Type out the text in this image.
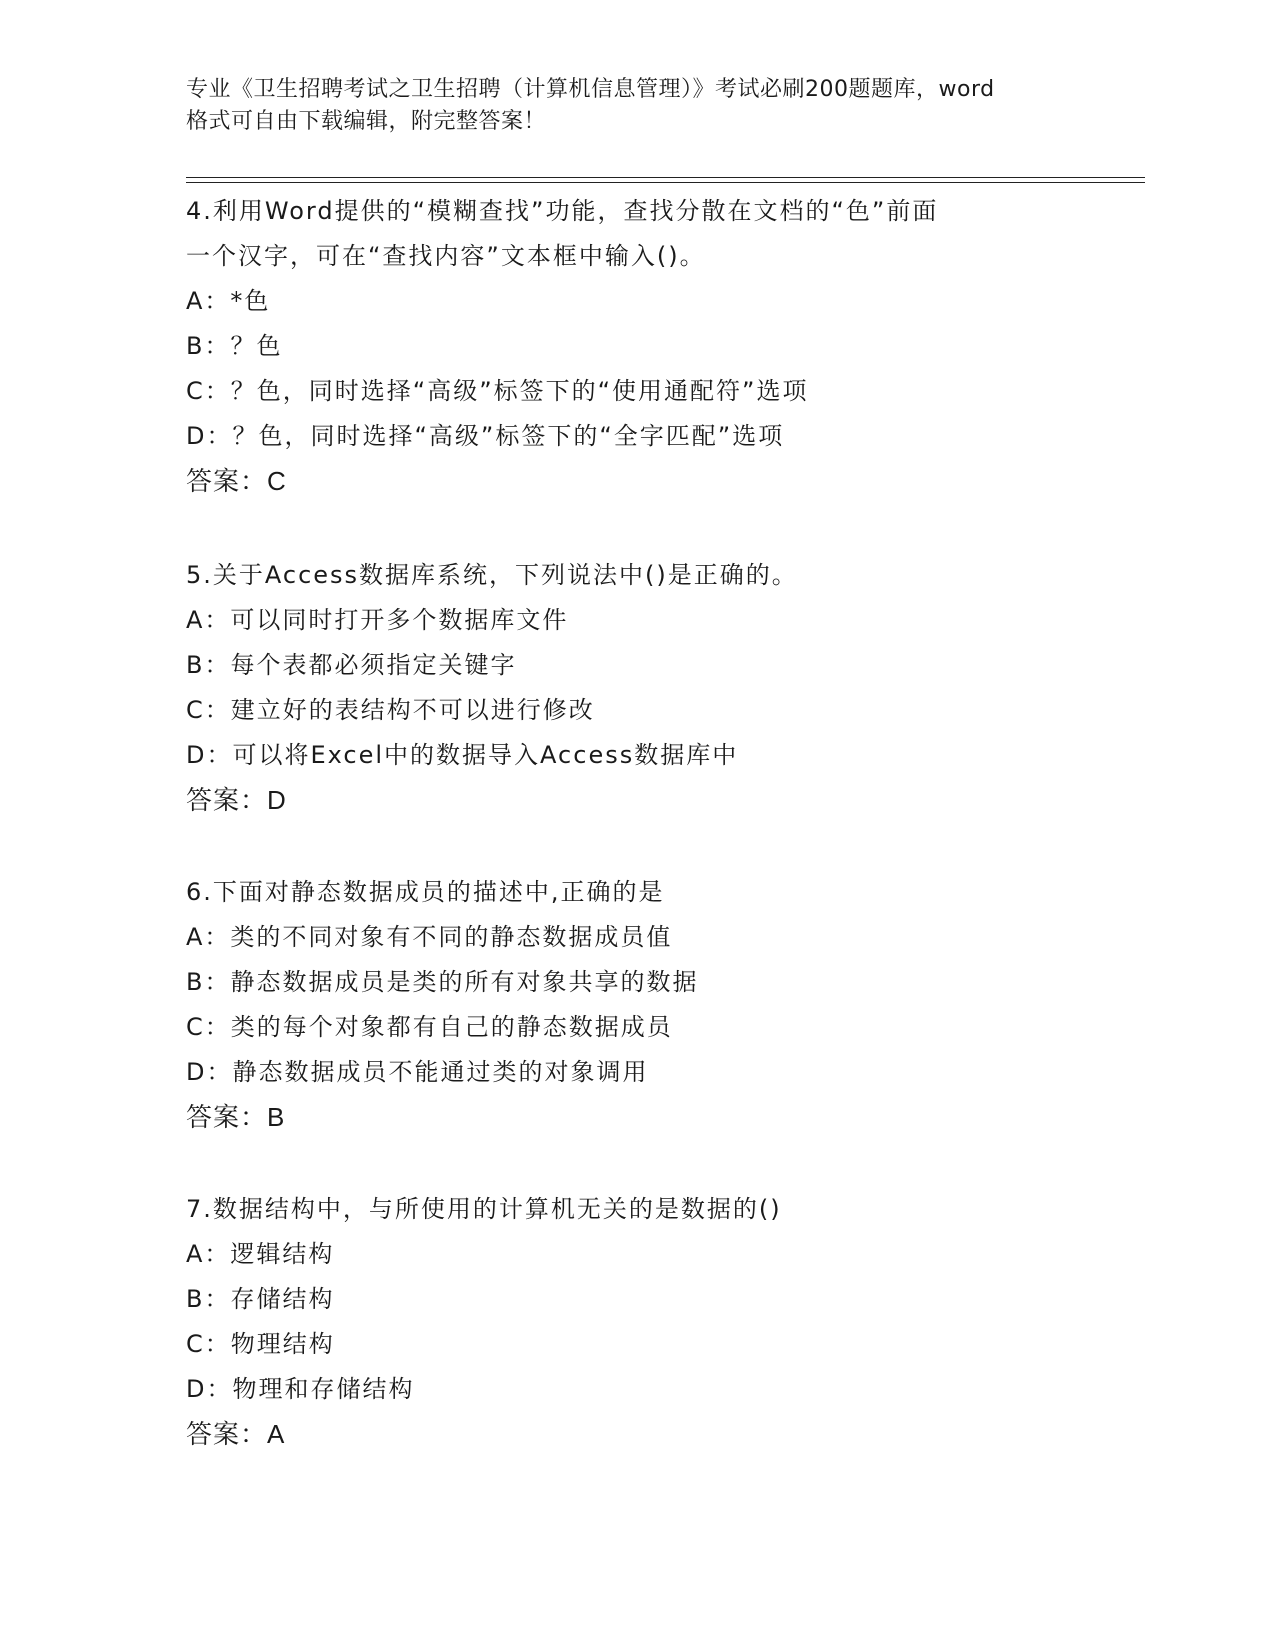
专业《卫生招聘考试之卫生招聘（计算机信息管理）》考试必刷200题题库，word
格式可自由下载编辑，附完整答案！
4.利用Word提供的“模糊查找”功能，查找分散在文档的“色”前面
一个汉字，可在“查找内容”文本框中输入()。
A：*色
B：？色
C：？色，同时选择“高级”标签下的“使用通配符”选项
D：？色，同时选择“高级”标签下的“全字匹配”选项
答案：C
5.关于Access数据库系统，下列说法中()是正确的。
A：可以同时打开多个数据库文件
B：每个表都必须指定关键字
C：建立好的表结构不可以进行修改
D：可以将Excel中的数据导入Access数据库中
答案：D
6.下面对静态数据成员的描述中,正确的是
A：类的不同对象有不同的静态数据成员值
B：静态数据成员是类的所有对象共享的数据
C：类的每个对象都有自己的静态数据成员
D：静态数据成员不能通过类的对象调用
答案：B
7.数据结构中，与所使用的计算机无关的是数据的()
A：逻辑结构
B：存储结构
C：物理结构
D：物理和存储结构
答案：A
